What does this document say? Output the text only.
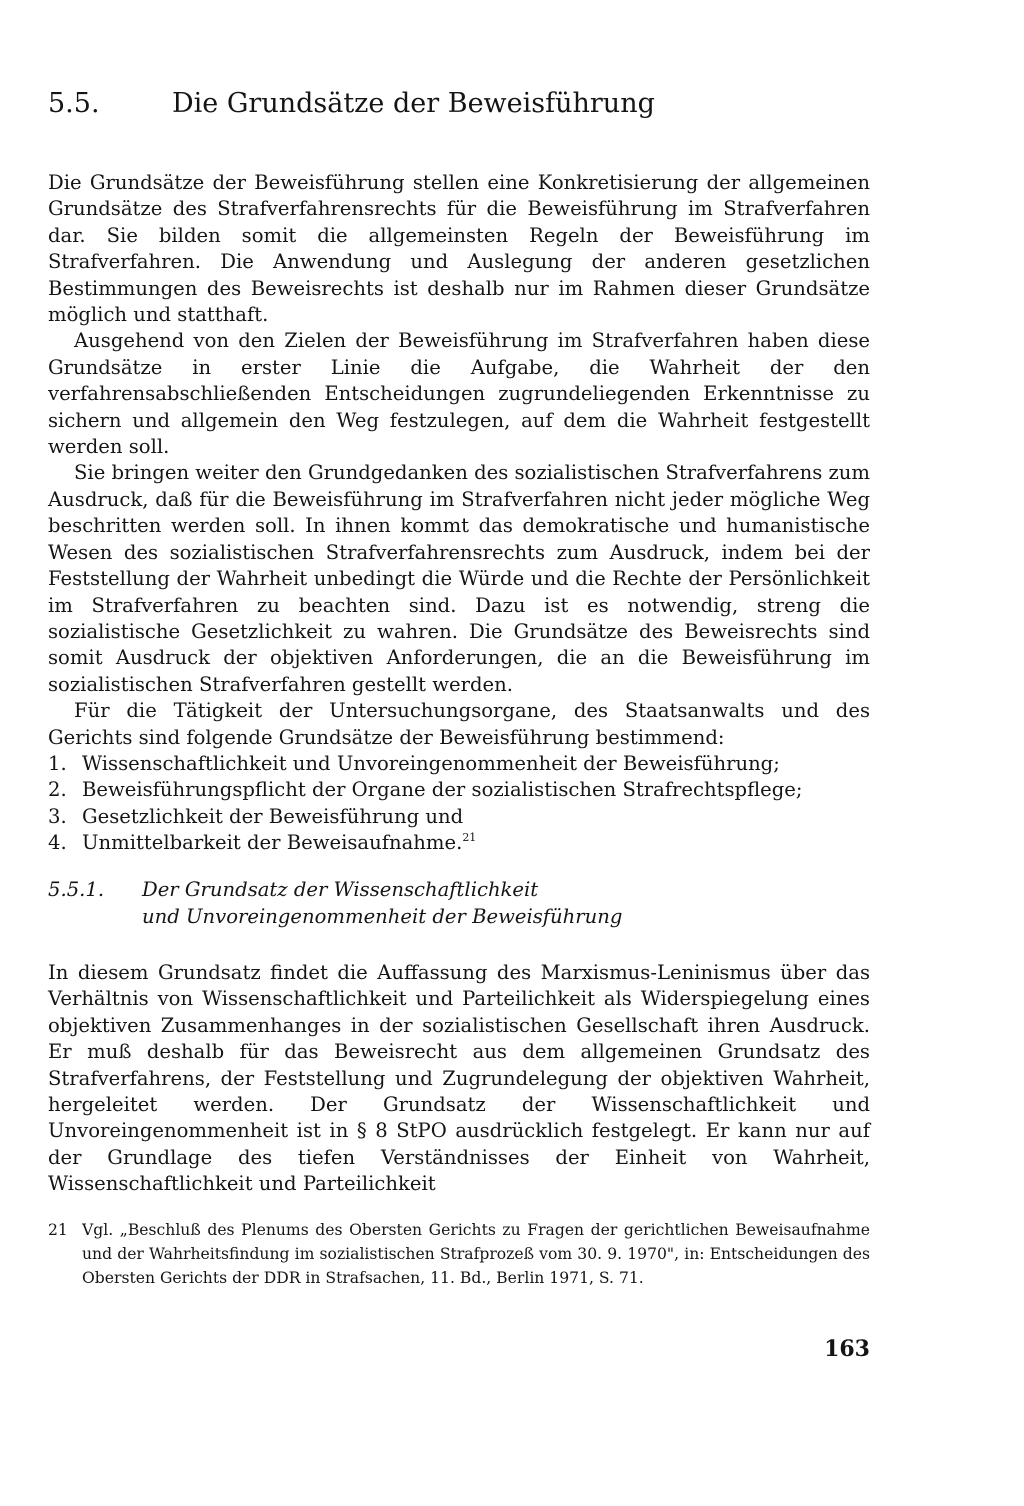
5.5.	Die Grundsätze der Beweisführung

Die Grundsätze der Beweisführung stellen eine Konkretisierung der allgemeinen Grundsätze des Strafverfahrensrechts für die Beweisführung im Strafverfahren dar. Sie bilden somit die allgemeinsten Regeln der Beweisführung im Strafverfahren. Die Anwendung und Auslegung der anderen gesetzlichen Bestimmungen des Beweisrechts ist deshalb nur im Rahmen dieser Grundsätze möglich und statthaft.

Ausgehend von den Zielen der Beweisführung im Strafverfahren haben diese Grundsätze in erster Linie die Aufgabe, die Wahrheit der den verfahrensabschließenden Entscheidungen zugrundeliegenden Erkenntnisse zu sichern und allgemein den Weg festzulegen, auf dem die Wahrheit festgestellt werden soll.

Sie bringen weiter den Grundgedanken des sozialistischen Strafverfahrens zum Ausdruck, daß für die Beweisführung im Strafverfahren nicht jeder mögliche Weg beschritten werden soll. In ihnen kommt das demokratische und humanistische Wesen des sozialistischen Strafverfahrensrechts zum Ausdruck, indem bei der Feststellung der Wahrheit unbedingt die Würde und die Rechte der Persönlichkeit im Strafverfahren zu beachten sind. Dazu ist es notwendig, streng die sozialistische Gesetzlichkeit zu wahren. Die Grundsätze des Beweisrechts sind somit Ausdruck der objektiven Anforderungen, die an die Beweisführung im sozialistischen Strafverfahren gestellt werden.

Für die Tätigkeit der Untersuchungsorgane, des Staatsanwalts und des Gerichts sind folgende Grundsätze der Beweisführung bestimmend:

1. Wissenschaftlichkeit und Unvoreingenommenheit der Beweisführung;
2. Beweisführungspflicht der Organe der sozialistischen Strafrechtspflege;
3. Gesetzlichkeit der Beweisführung und
4. Unmittelbarkeit der Beweisaufnahme.$^{21}$
5.5.1.	Der Grundsatz der Wissenschaftlichkeit
und Unvoreingenommenheit der Beweisführung

In diesem Grundsatz findet die Auffassung des Marxismus-Leninismus über das Verhältnis von Wissenschaftlichkeit und Parteilichkeit als Widerspiegelung eines objektiven Zusammenhanges in der sozialistischen Gesellschaft ihren Ausdruck. Er muß deshalb für das Beweisrecht aus dem allgemeinen Grundsatz des Strafverfahrens, der Feststellung und Zugrundelegung der objektiven Wahrheit, hergeleitet werden. Der Grundsatz der Wissenschaftlichkeit und Unvoreingenommenheit ist in § 8 StPO ausdrücklich festgelegt. Er kann nur auf der Grundlage des tiefen Verständnisses der Einheit von Wahrheit, Wissenschaftlichkeit und Parteilichkeit

21 Vgl. „Beschluß des Plenums des Obersten Gerichts zu Fragen der gerichtlichen Beweisaufnahme und der Wahrheitsfindung im sozialistischen Strafprozeß vom 30. 9. 1970", in: Entscheidungen des Obersten Gerichts der DDR in Strafsachen, 11. Bd., Berlin 1971, S. 71.
163
